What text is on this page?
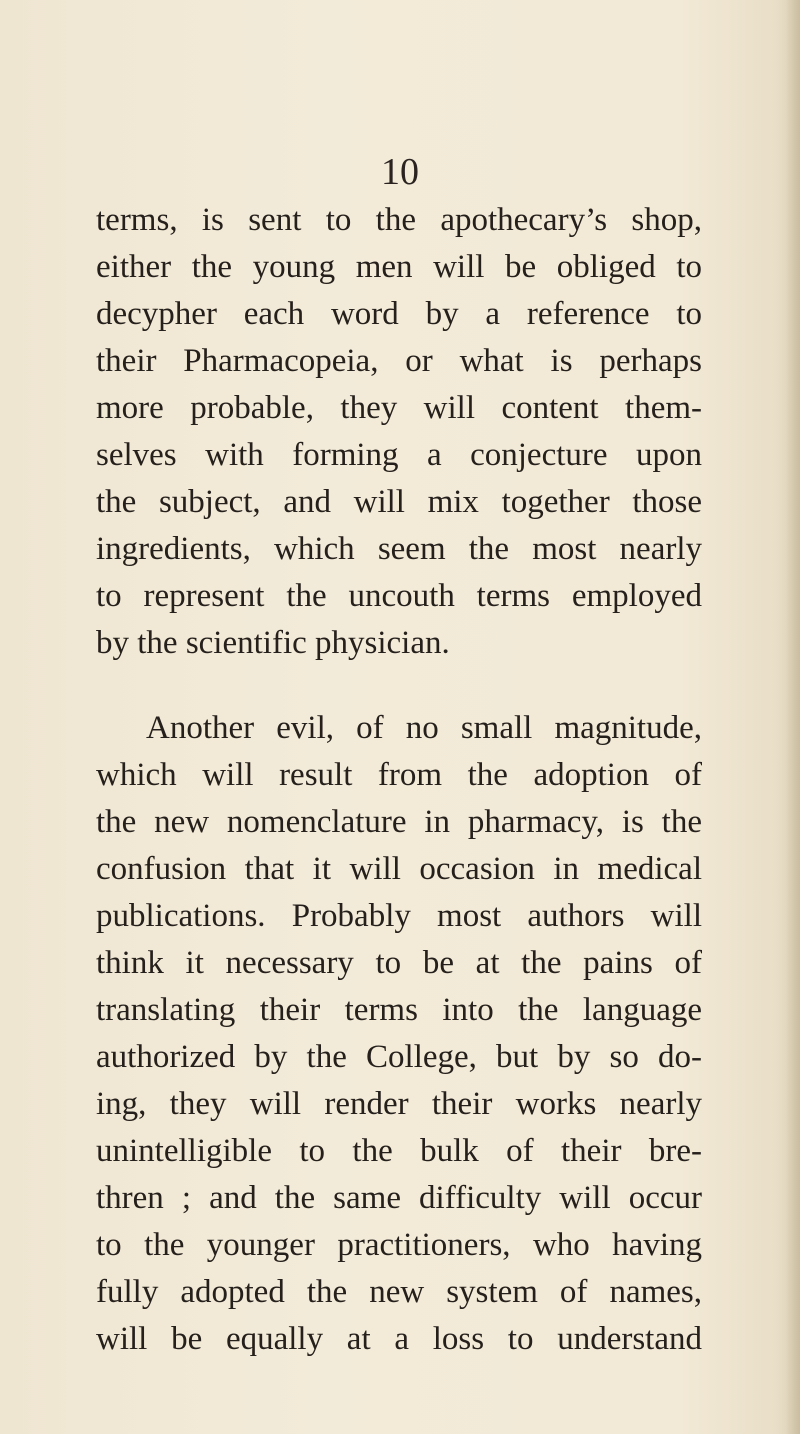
10
terms, is sent to the apothecary’s shop,
either the young men will be obliged to
decypher each word by a reference to
their Pharmacopeia, or what is perhaps
more probable, they will content them-
selves with forming a conjecture upon
the subject, and will mix together those
ingredients, which seem the most nearly
to represent the uncouth terms employed
by the scientific physician.
Another evil, of no small magnitude,
which will result from the adoption of
the new nomenclature in pharmacy, is the
confusion that it will occasion in medical
publications. Probably most authors will
think it necessary to be at the pains of
translating their terms into the language
authorized by the College, but by so do-
ing, they will render their works nearly
unintelligible to the bulk of their bre-
thren ; and the same difficulty will occur
to the younger practitioners, who having
fully adopted the new system of names,
will be equally at a loss to understand
